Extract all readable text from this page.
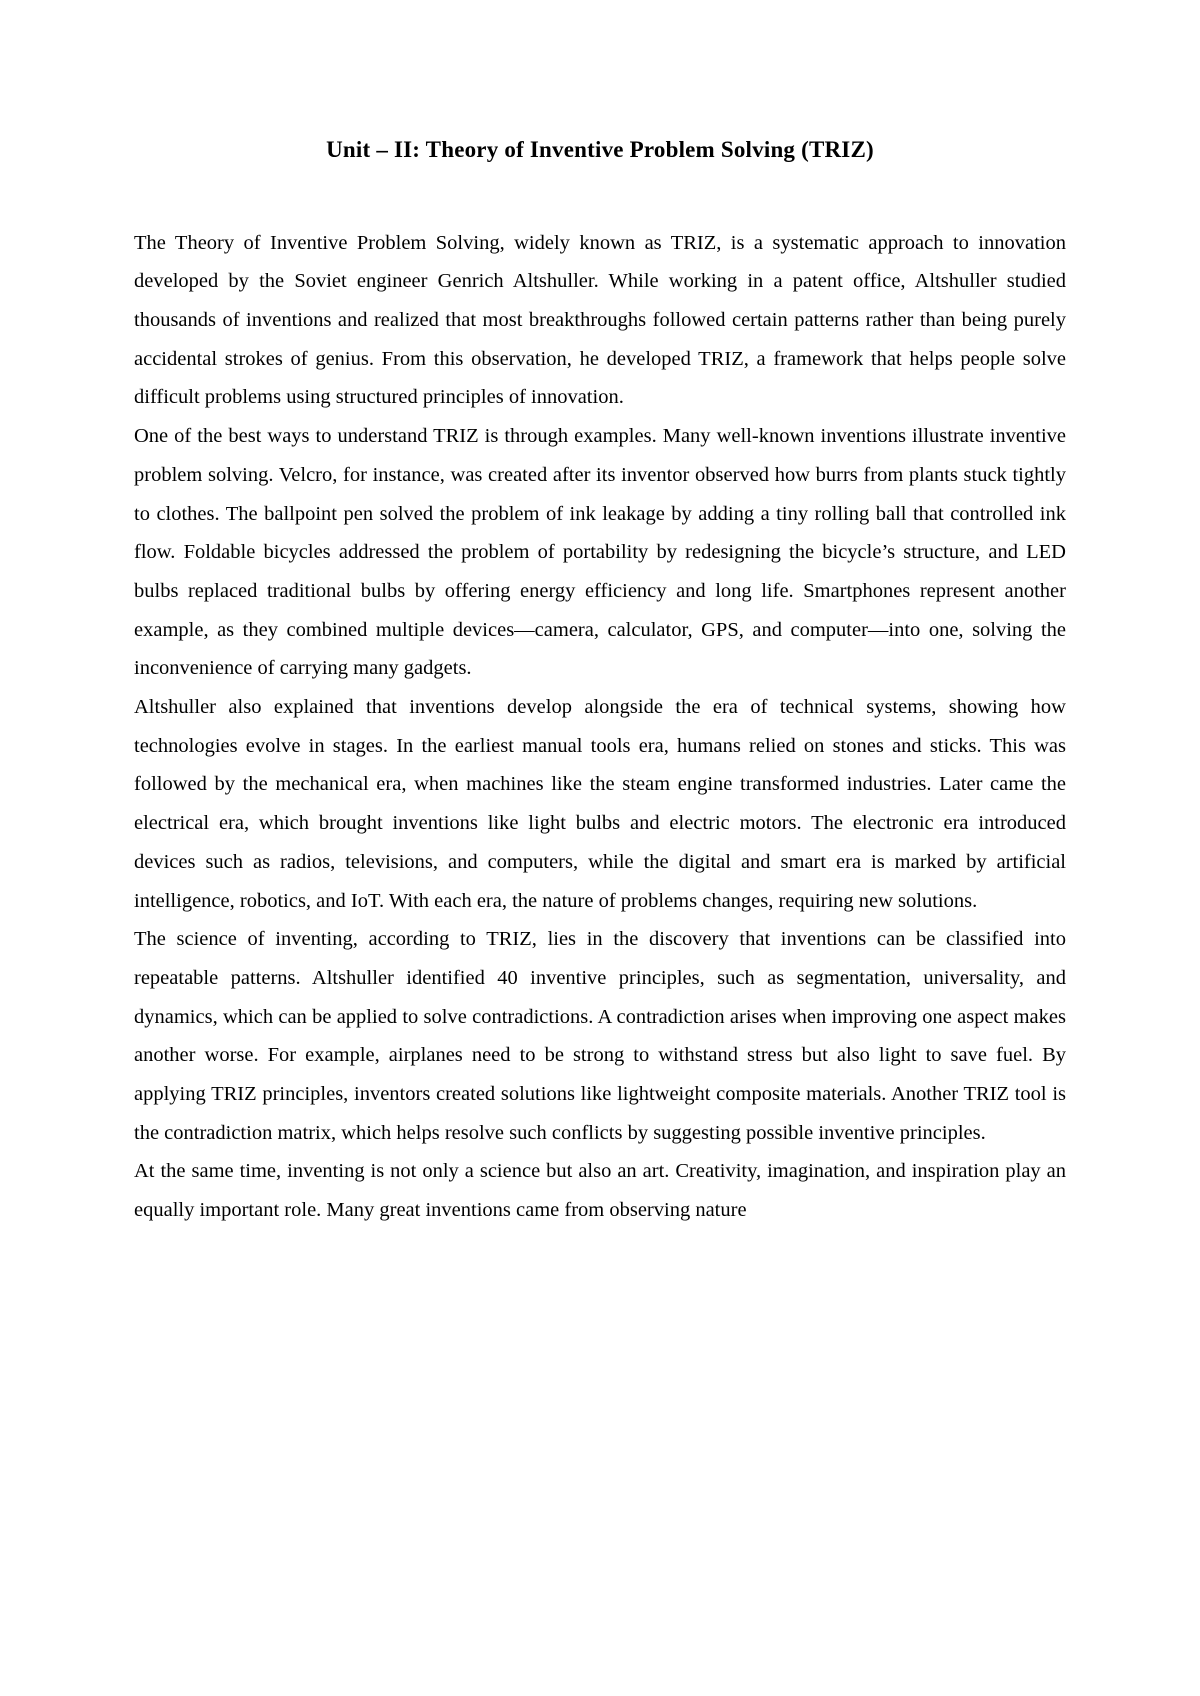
Unit – II: Theory of Inventive Problem Solving (TRIZ)

The Theory of Inventive Problem Solving, widely known as TRIZ, is a systematic approach to innovation developed by the Soviet engineer Genrich Altshuller. While working in a patent office, Altshuller studied thousands of inventions and realized that most breakthroughs followed certain patterns rather than being purely accidental strokes of genius. From this observation, he developed TRIZ, a framework that helps people solve difficult problems using structured principles of innovation.

One of the best ways to understand TRIZ is through examples. Many well-known inventions illustrate inventive problem solving. Velcro, for instance, was created after its inventor observed how burrs from plants stuck tightly to clothes. The ballpoint pen solved the problem of ink leakage by adding a tiny rolling ball that controlled ink flow. Foldable bicycles addressed the problem of portability by redesigning the bicycle’s structure, and LED bulbs replaced traditional bulbs by offering energy efficiency and long life. Smartphones represent another example, as they combined multiple devices—camera, calculator, GPS, and computer—into one, solving the inconvenience of carrying many gadgets.

Altshuller also explained that inventions develop alongside the era of technical systems, showing how technologies evolve in stages. In the earliest manual tools era, humans relied on stones and sticks. This was followed by the mechanical era, when machines like the steam engine transformed industries. Later came the electrical era, which brought inventions like light bulbs and electric motors. The electronic era introduced devices such as radios, televisions, and computers, while the digital and smart era is marked by artificial intelligence, robotics, and IoT. With each era, the nature of problems changes, requiring new solutions.

The science of inventing, according to TRIZ, lies in the discovery that inventions can be classified into repeatable patterns. Altshuller identified 40 inventive principles, such as segmentation, universality, and dynamics, which can be applied to solve contradictions. A contradiction arises when improving one aspect makes another worse. For example, airplanes need to be strong to withstand stress but also light to save fuel. By applying TRIZ principles, inventors created solutions like lightweight composite materials. Another TRIZ tool is the contradiction matrix, which helps resolve such conflicts by suggesting possible inventive principles.

At the same time, inventing is not only a science but also an art. Creativity, imagination, and inspiration play an equally important role. Many great inventions came from observing nature
